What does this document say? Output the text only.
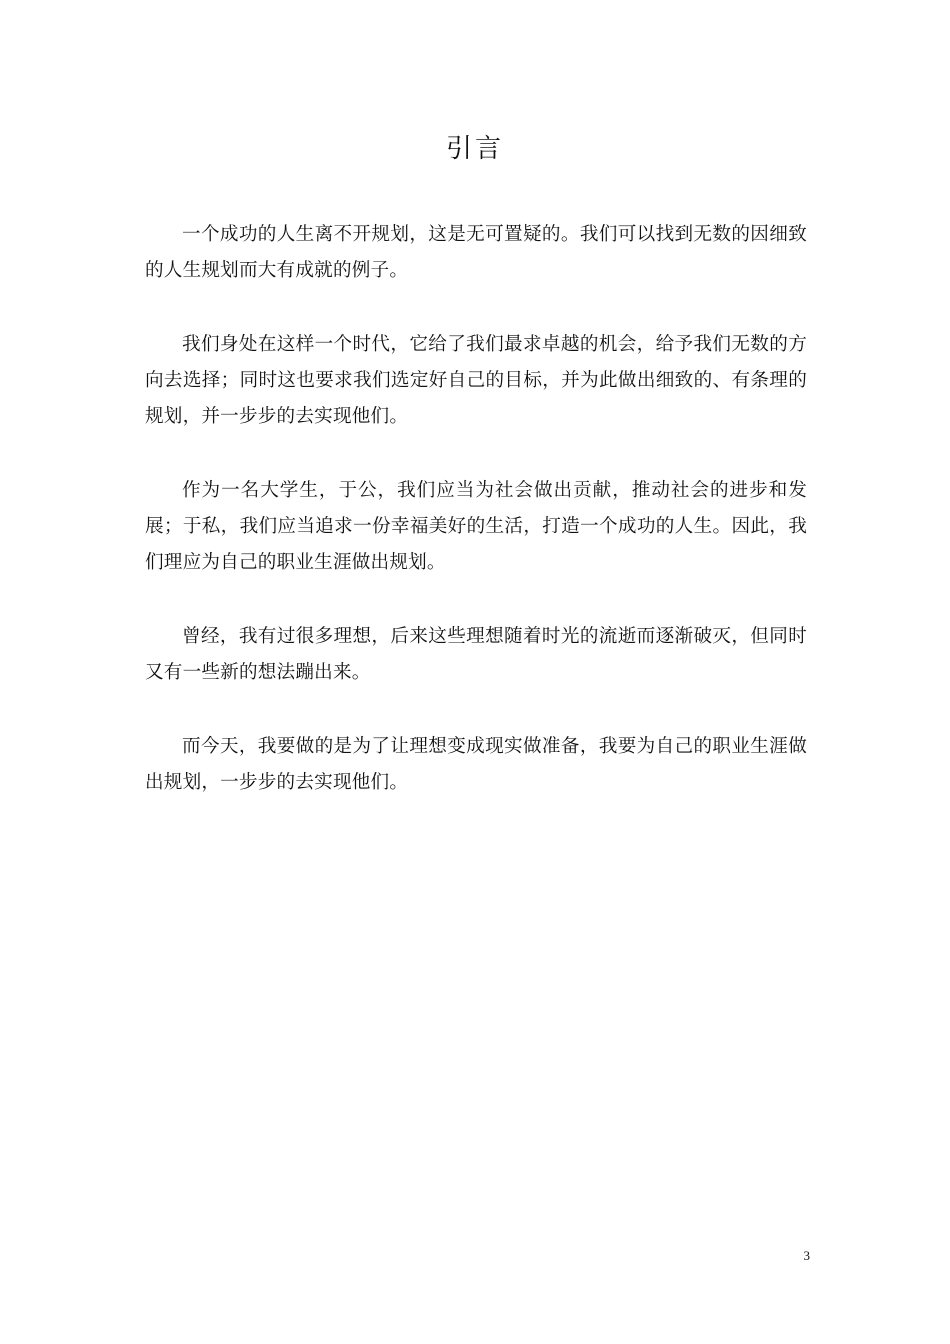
引言

一个成功的人生离不开规划，这是无可置疑的。我们可以找到无数的因细致的人生规划而大有成就的例子。

我们身处在这样一个时代，它给了我们最求卓越的机会，给予我们无数的方向去选择；同时这也要求我们选定好自己的目标，并为此做出细致的、有条理的规划，并一步步的去实现他们。

作为一名大学生，于公，我们应当为社会做出贡献，推动社会的进步和发展；于私，我们应当追求一份幸福美好的生活，打造一个成功的人生。因此，我们理应为自己的职业生涯做出规划。

曾经，我有过很多理想，后来这些理想随着时光的流逝而逐渐破灭，但同时又有一些新的想法蹦出来。

而今天，我要做的是为了让理想变成现实做准备，我要为自己的职业生涯做出规划，一步步的去实现他们。

3
